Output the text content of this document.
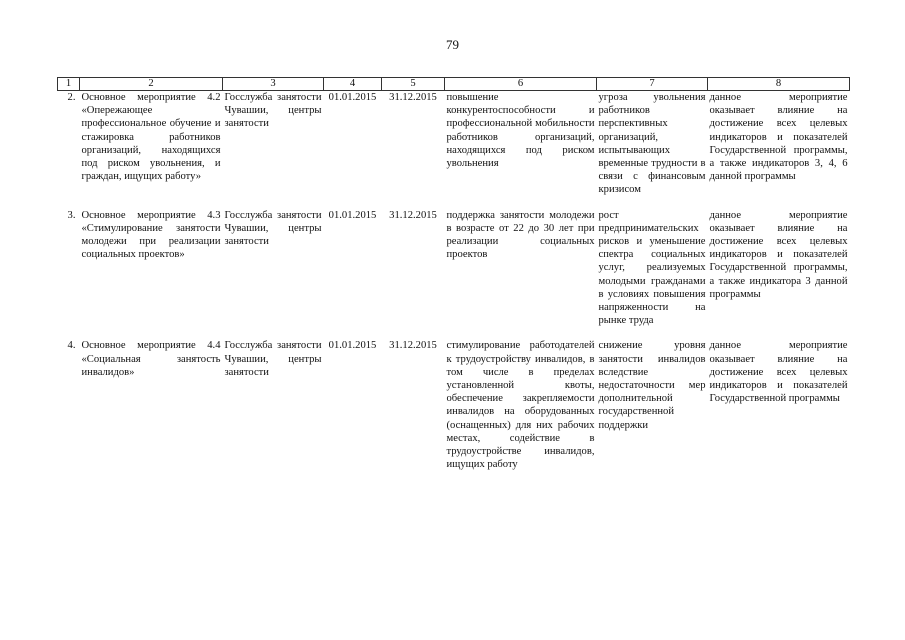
79
1	2	3	4	5	6	7	8
2.	Основное мероприятие 4.2 «Опережающее профессиональное обучение и стажировка работников организаций, находящихся под риском увольнения, и граждан, ищущих работу»	Госслужба занятости Чувашии, центры занятости	01.01.2015	31.12.2015	повышение конкурентоспособности и профессиональной мобильности работников организаций, находящихся под риском увольнения	угроза увольнения работников перспективных организаций, испытывающих временные трудности в связи с финансовым кризисом	данное мероприятие оказывает влияние на достижение всех целевых индикаторов и показателей Государственной программы, а также индикаторов 3, 4, 6 данной программы
3.	Основное мероприятие 4.3 «Стимулирование занятости молодежи при реализации социальных проектов»	Госслужба занятости Чувашии, центры занятости	01.01.2015	31.12.2015	поддержка занятости молодежи в возрасте от 22 до 30 лет при реализации социальных проектов	рост предпринимательских рисков и уменьшение спектра социальных услуг, реализуемых молодыми гражданами в условиях повышения напряженности на рынке труда	данное мероприятие оказывает влияние на достижение всех целевых индикаторов и показателей Государственной программы, а также индикатора 3 данной программы
4.	Основное мероприятие 4.4 «Социальная занятость инвалидов»	Госслужба занятости Чувашии, центры занятости	01.01.2015	31.12.2015	стимулирование работодателей к трудоустройству инвалидов, в том числе в пределах установленной квоты, обеспечение закрепляемости инвалидов на оборудованных (оснащенных) для них рабочих местах, содействие в трудоустройстве инвалидов, ищущих работу	снижение уровня занятости инвалидов вследствие недостаточности мер дополнительной государственной поддержки	данное мероприятие оказывает влияние на достижение всех целевых индикаторов и показателей Государственной программы
